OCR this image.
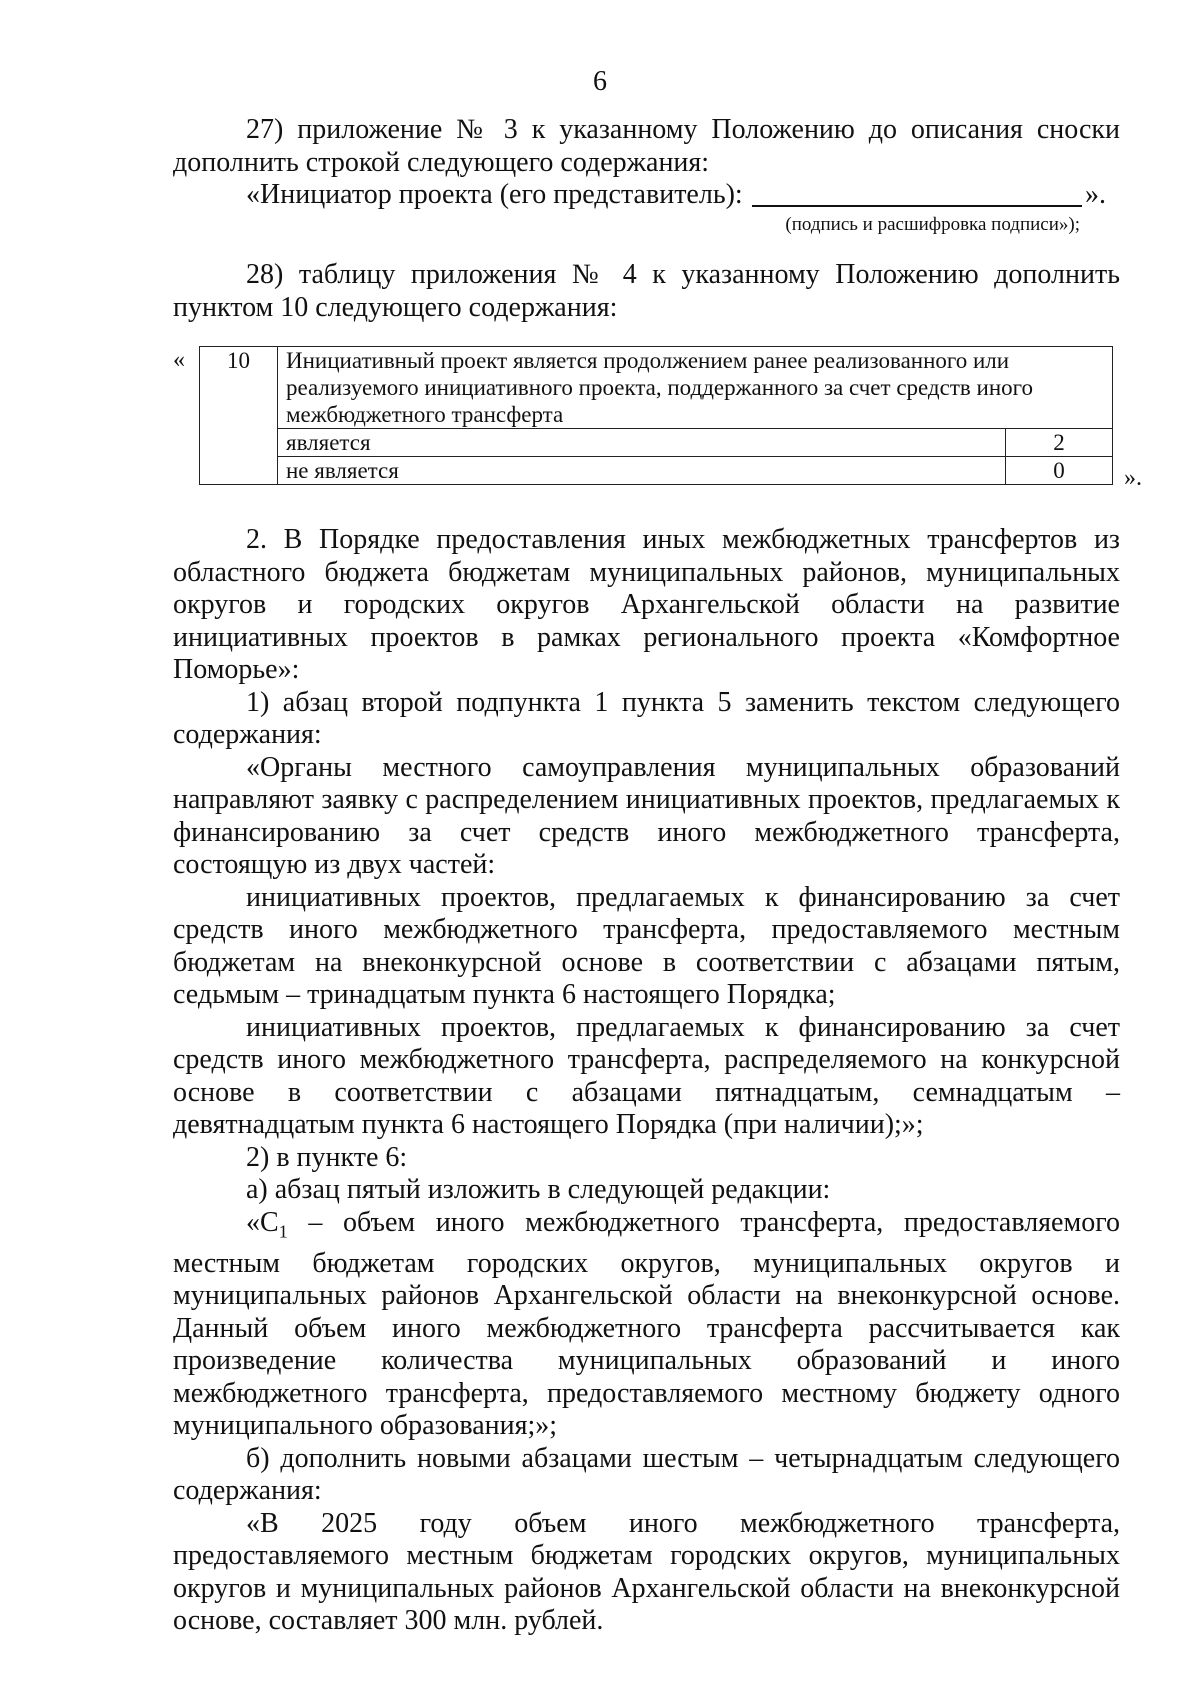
6

27) приложение № 3 к указанному Положению до описания сноски дополнить строкой следующего содержания:

«Инициатор проекта (его представитель):	».

(подпись и расшифровка подписи»);

28) таблицу приложения № 4 к указанному Положению дополнить пунктом 10 следующего содержания:

« 10	Инициативный проект является продолжением ранее реализованного или реализуемого инициативного проекта, поддержанного за счет средств иного межбюджетного трансферта	
	является	2
	не является	0 ».

2. В Порядке предоставления иных межбюджетных трансфертов из областного бюджета бюджетам муниципальных районов, муниципальных округов и городских округов Архангельской области на развитие инициативных проектов в рамках регионального проекта «Комфортное Поморье»:

1) абзац второй подпункта 1 пункта 5 заменить текстом следующего содержания:

«Органы местного самоуправления муниципальных образований направляют заявку с распределением инициативных проектов, предлагаемых к финансированию за счет средств иного межбюджетного трансферта, состоящую из двух частей:

инициативных проектов, предлагаемых к финансированию за счет средств иного межбюджетного трансферта, предоставляемого местным бюджетам на внеконкурсной основе в соответствии с абзацами пятым, седьмым – тринадцатым пункта 6 настоящего Порядка;

инициативных проектов, предлагаемых к финансированию за счет средств иного межбюджетного трансферта, распределяемого на конкурсной основе в соответствии с абзацами пятнадцатым, семнадцатым – девятнадцатым пункта 6 настоящего Порядка (при наличии);»;

2) в пункте 6:

а) абзац пятый изложить в следующей редакции:

«$С_1$ – объем иного межбюджетного трансферта, предоставляемого местным бюджетам городских округов, муниципальных округов и муниципальных районов Архангельской области на внеконкурсной основе. Данный объем иного межбюджетного трансферта рассчитывается как произведение количества муниципальных образований и иного межбюджетного трансферта, предоставляемого местному бюджету одного муниципального образования;»;

б) дополнить новыми абзацами шестым – четырнадцатым следующего содержания:

«В 2025 году объем иного межбюджетного трансферта, предоставляемого местным бюджетам городских округов, муниципальных округов и муниципальных районов Архангельской области на внеконкурсной основе, составляет 300 млн. рублей.
